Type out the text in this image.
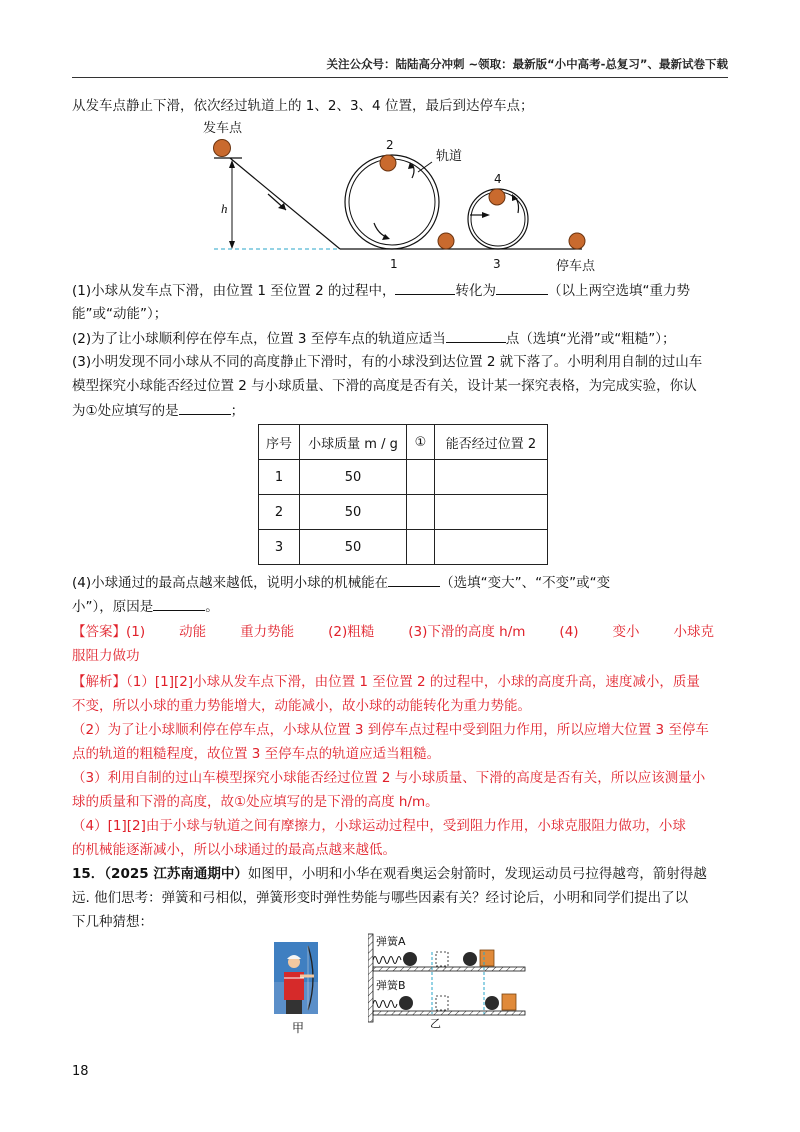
关注公众号：陆陆高分冲刺 ~领取：最新版“小中高考-总复习”、最新试卷下载
从发车点静止下滑，依次经过轨道上的 1、2、3、4 位置，最后到达停车点；
发车点
h
2
轨道
1
4
3	停车点
(1)小球从发车点下滑，由位置 1 至位置 2 的过程中，	转化为	（以上两空选填“重力势
能”或“动能”）；
(2)为了让小球顺利停在停车点，位置 3 至停车点的轨道应适当	点（选填“光滑”或“粗糙”）；
(3)小明发现不同小球从不同的高度静止下滑时，有的小球没到达位置 2 就下落了。小明利用自制的过山车
模型探究小球能否经过位置 2 与小球质量、下滑的高度是否有关，设计某一探究表格，为完成实验，你认
为①处应填写的是	；
序号	小球质量 m / g	①	能否经过位置 2
1	50		
2	50		
3	50		
(4)小球通过的最高点越来越低，说明小球的机械能在	（选填“变大”、“不变”或“变
小”），原因是	。
【答案】(1)	动能	重力势能	(2)粗糙	(3)下滑的高度 h/m	(4)	变小	小球克
服阻力做功
【解析】（1）[1][2]小球从发车点下滑，由位置 1 至位置 2 的过程中，小球的高度升高，速度减小，质量
不变，所以小球的重力势能增大，动能减小，故小球的动能转化为重力势能。
（2）为了让小球顺利停在停车点，小球从位置 3 到停车点过程中受到阻力作用，所以应增大位置 3 至停车
点的轨道的粗糙程度，故位置 3 至停车点的轨道应适当粗糙。
（3）利用自制的过山车模型探究小球能否经过位置 2 与小球质量、下滑的高度是否有关，所以应该测量小
球的质量和下滑的高度，故①处应填写的是下滑的高度 h/m。
（4）[1][2]由于小球与轨道之间有摩擦力，小球运动过程中，受到阻力作用，小球克服阻力做功，小球
的机械能逐渐减小，所以小球通过的最高点越来越低。
15．（2025 江苏南通期中）如图甲，小明和小华在观看奥运会射箭时，发现运动员弓拉得越弯，箭射得越
远. 他们思考：弹簧和弓相似，弹簧形变时弹性势能与哪些因素有关？经讨论后，小明和同学们提出了以
下几种猜想：
甲
弹簧A
弹簧B
乙
18
